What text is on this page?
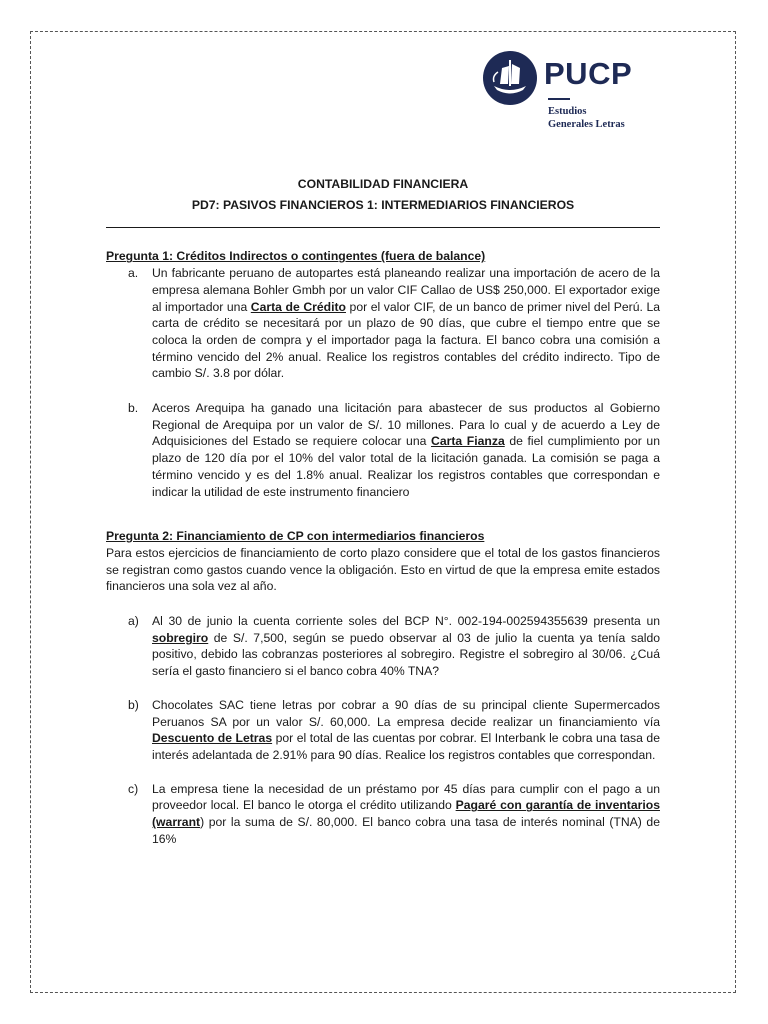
PUCP
Estudios
Generales Letras
CONTABILIDAD FINANCIERA
PD7: PASIVOS FINANCIEROS 1: INTERMEDIARIOS FINANCIEROS
Pregunta 1: Créditos Indirectos o contingentes (fuera de balance)
a. Un fabricante peruano de autopartes está planeando realizar una importación de acero de la empresa alemana Bohler Gmbh por un valor CIF Callao de US$ 250,000. El exportador exige al importador una Carta de Crédito por el valor CIF, de un banco de primer nivel del Perú. La carta de crédito se necesitará por un plazo de 90 días, que cubre el tiempo entre que se coloca la orden de compra y el importador paga la factura. El banco cobra una comisión a término vencido del 2% anual. Realice los registros contables del crédito indirecto. Tipo de cambio S/. 3.8 por dólar.
b. Aceros Arequipa ha ganado una licitación para abastecer de sus productos al Gobierno Regional de Arequipa por un valor de S/. 10 millones. Para lo cual y de acuerdo a Ley de Adquisiciones del Estado se requiere colocar una Carta Fianza de fiel cumplimiento por un plazo de 120 día por el 10% del valor total de la licitación ganada. La comisión se paga a término vencido y es del 1.8% anual. Realizar los registros contables que correspondan e indicar la utilidad de este instrumento financiero
Pregunta 2: Financiamiento de CP con intermediarios financieros

Para estos ejercicios de financiamiento de corto plazo considere que el total de los gastos financieros se registran como gastos cuando vence la obligación. Esto en virtud de que la empresa emite estados financieros una sola vez al año.

a) Al 30 de junio la cuenta corriente soles del BCP N°. 002-194-002594355639 presenta un sobregiro de S/. 7,500, según se puedo observar al 03 de julio la cuenta ya tenía saldo positivo, debido las cobranzas posteriores al sobregiro. Registre el sobregiro al 30/06. ¿Cuá sería el gasto financiero si el banco cobra 40% TNA?
b) Chocolates SAC tiene letras por cobrar a 90 días de su principal cliente Supermercados Peruanos SA por un valor S/. 60,000. La empresa decide realizar un financiamiento vía Descuento de Letras por el total de las cuentas por cobrar. El Interbank le cobra una tasa de interés adelantada de 2.91% para 90 días. Realice los registros contables que correspondan.
c) La empresa tiene la necesidad de un préstamo por 45 días para cumplir con el pago a un proveedor local. El banco le otorga el crédito utilizando Pagaré con garantía de inventarios (warrant) por la suma de S/. 80,000. El banco cobra una tasa de interés nominal (TNA) de 16%
